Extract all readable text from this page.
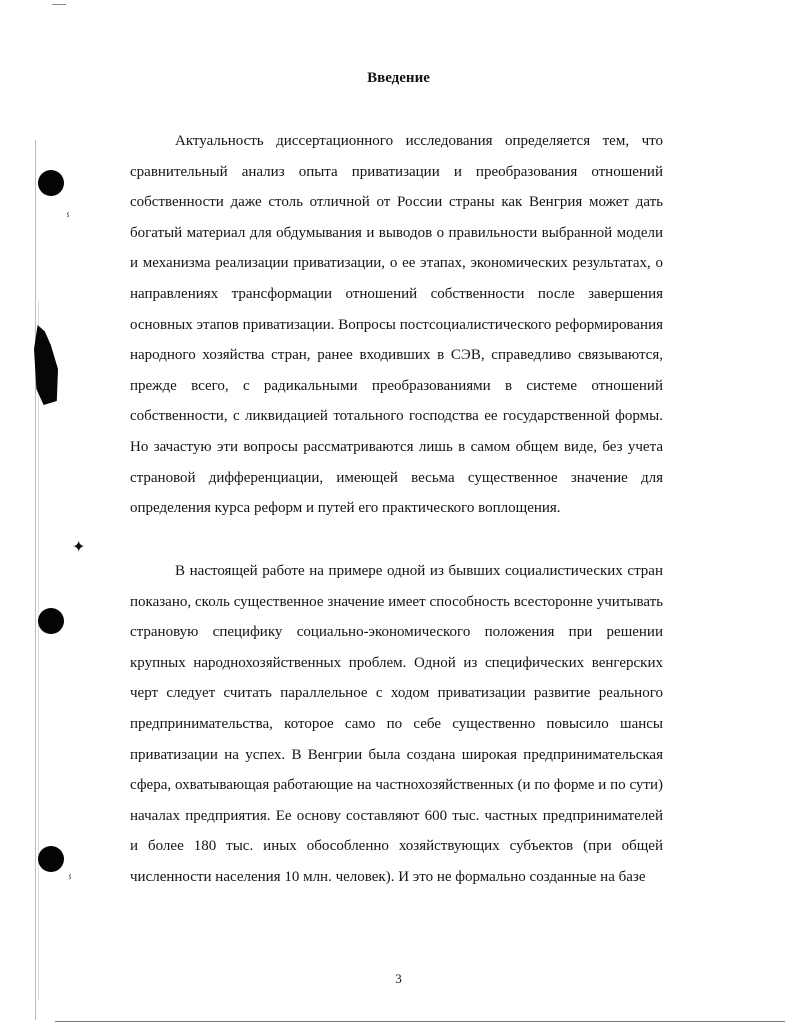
ⸯ
✦
ⸯ
Введение

Актуальность диссертационного исследования определяется тем, что сравнительный анализ опыта приватизации и преобразования отношений собственности даже столь отличной от России страны как Венгрия может дать богатый материал для обдумывания и выводов о правильности выбранной модели и механизма реализации приватизации, о ее этапах, экономических результатах, о направлениях трансформации отношений собственности после завершения основных этапов приватизации. Вопросы постсоциалистического реформирования народного хозяйства стран, ранее входивших в СЭВ, справедливо связываются, прежде всего, с радикальными преобразованиями в системе отношений собственности, с ликвидацией тотального господства ее государственной формы. Но зачастую эти вопросы рассматриваются лишь в самом общем виде, без учета страновой дифференциации, имеющей весьма существенное значение для определения курса реформ и путей его практического воплощения.

В настоящей работе на примере одной из бывших социалистических стран показано, сколь существенное значение имеет способность всесторонне учитывать страновую специфику социально-экономического положения при решении крупных народнохозяйственных проблем. Одной из специфических венгерских черт следует считать параллельное с ходом приватизации развитие реального предпринимательства, которое само по себе существенно повысило шансы приватизации на успех. В Венгрии была создана широкая предпринимательская сфера, охватывающая работающие на частнохозяйственных (и по форме и по сути) началах предприятия. Ее основу составляют 600 тыс. частных предпринимателей и более 180 тыс. иных обособленно хозяйствующих субъектов (при общей численности населения 10 млн. человек). И это не формально созданные на базе

3
